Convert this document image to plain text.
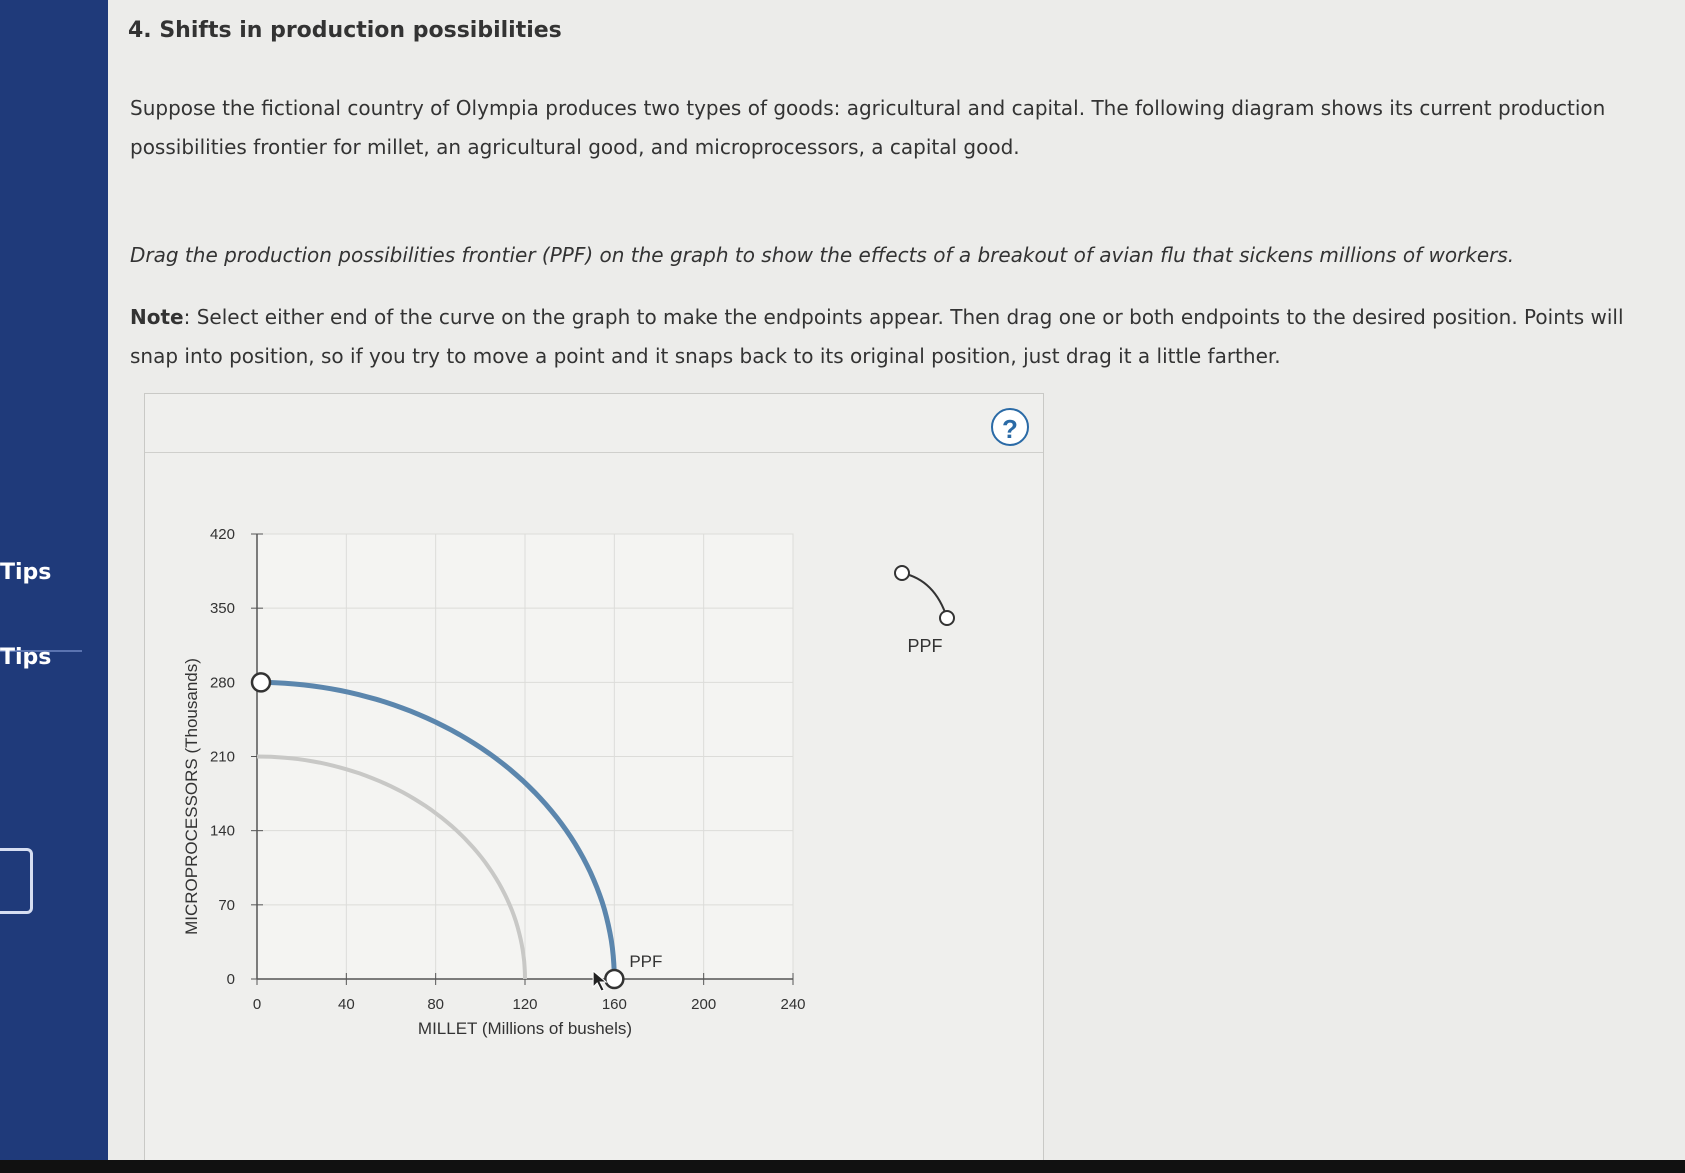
Tips
Tips
4. Shifts in production possibilities
Suppose the fictional country of Olympia produces two types of goods: agricultural and capital. The following diagram shows its current production possibilities frontier for millet, an agricultural good, and microprocessors, a capital good.
Drag the production possibilities frontier (PPF) on the graph to show the effects of a breakout of avian flu that sickens millions of workers.
Note: Select either end of the curve on the graph to make the endpoints appear. Then drag one or both endpoints to the desired position. Points will snap into position, so if you try to move a point and it snaps back to its original position, just drag it a little farther.
?
0
70
140
210
280
350
420
0	40	80	120	160	200	240
MILLET (Millions of bushels)
MICROPROCESSORS (Thousands)
PPF
PPF
